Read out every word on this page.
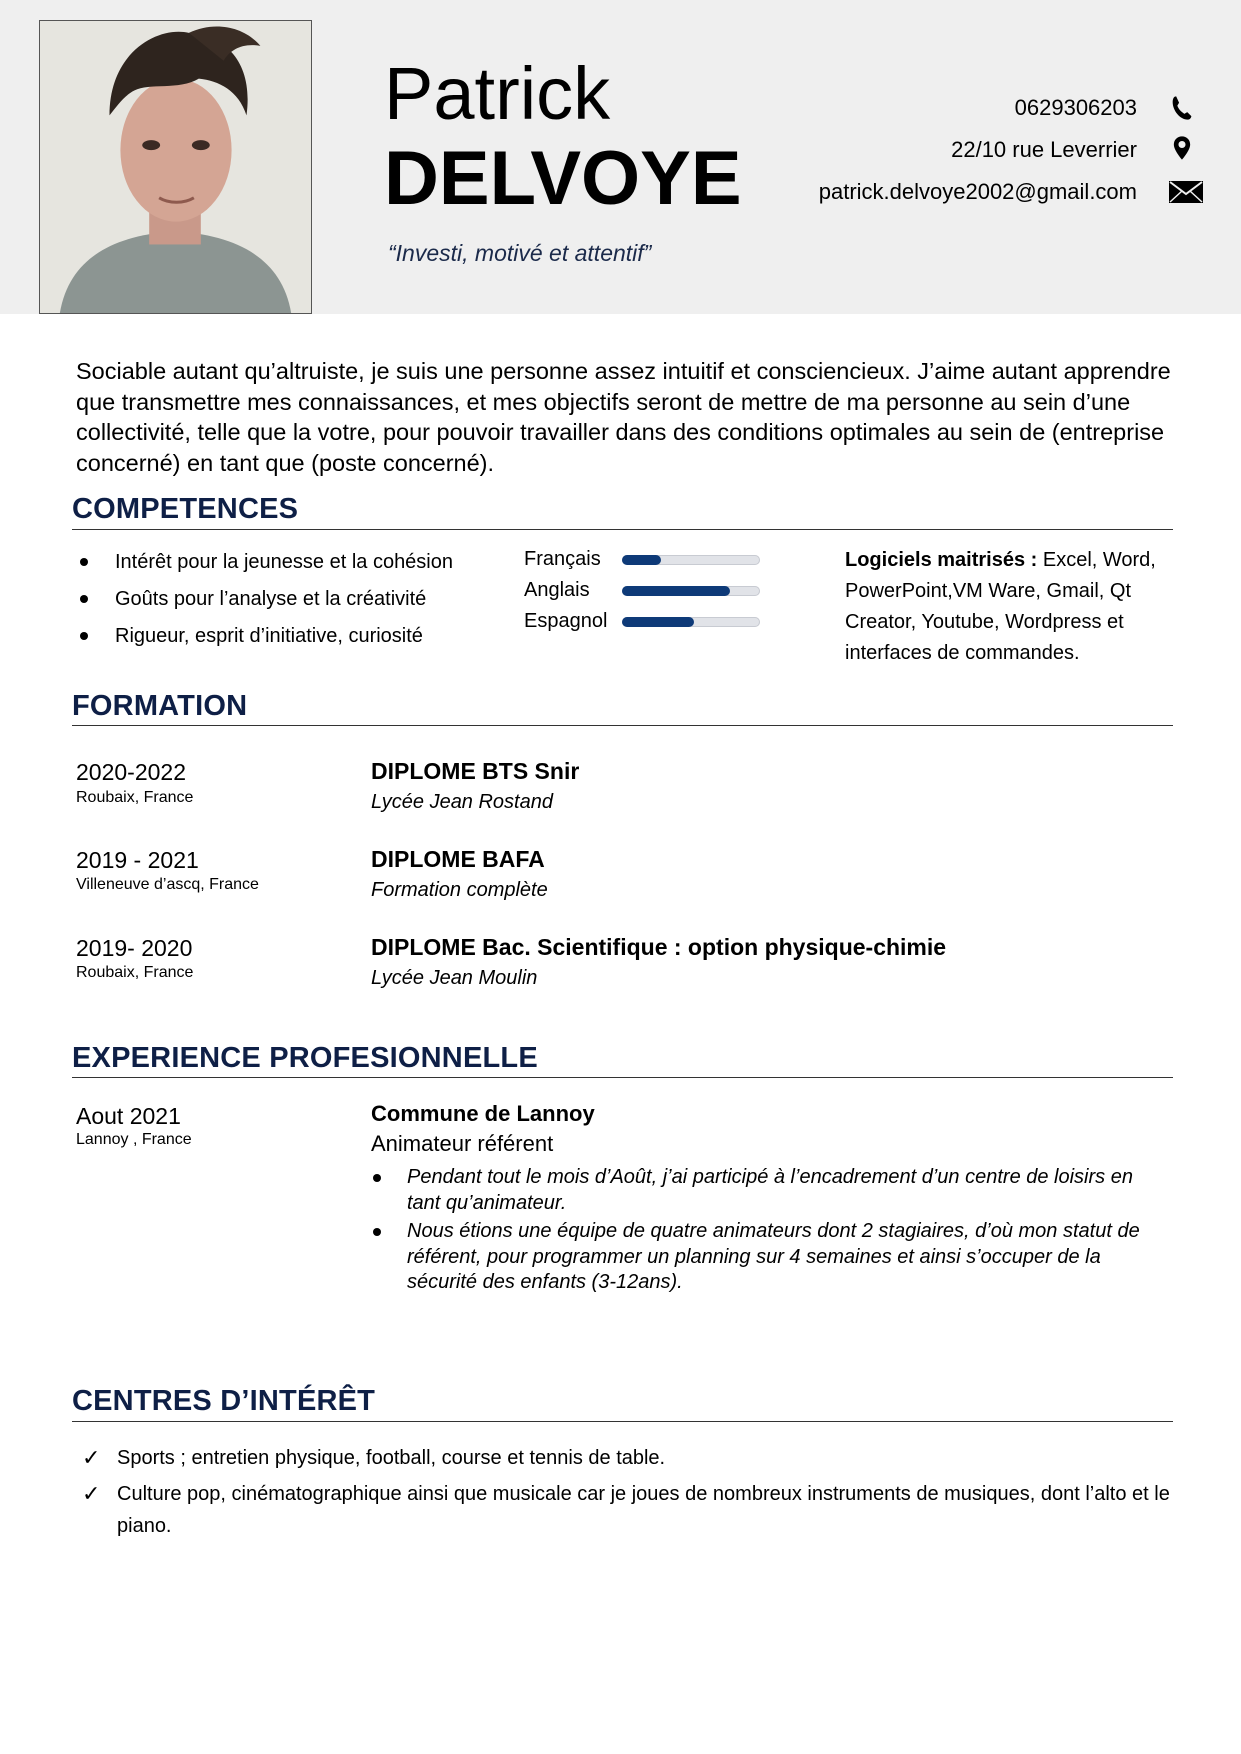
Patrick
DELVOYE
“Investi, motivé et attentif”
0629306203
22/10 rue Leverrier
patrick.delvoye2002@gmail.com
Sociable autant qu’altruiste, je suis une personne assez intuitif et consciencieux. J’aime autant apprendre que transmettre mes connaissances, et mes objectifs seront de mettre de ma personne au sein d’une collectivité, telle que la votre, pour pouvoir travailler dans des conditions optimales au sein de (entreprise concerné) en tant que (poste concerné).
COMPETENCES
Intérêt pour la jeunesse et la cohésion
Goûts pour l’analyse et la créativité
Rigueur, esprit d’initiative, curiosité
Français
Anglais
Espagnol
Logiciels maitrisés : Excel, Word, PowerPoint,VM Ware, Gmail, Qt Creator, Youtube, Wordpress et interfaces de commandes.
FORMATION
2020-2022
Roubaix, France
DIPLOME BTS Snir
Lycée Jean Rostand
2019 - 2021
Villeneuve d’ascq, France
DIPLOME BAFA
Formation complète
2019- 2020
Roubaix, France
DIPLOME Bac. Scientifique : option physique-chimie
Lycée Jean Moulin
EXPERIENCE PROFESIONNELLE
Aout 2021
Lannoy , France
Commune de Lannoy
Animateur référent
Pendant tout le mois d’Août, j’ai participé à l’encadrement d’un centre de loisirs en tant qu’animateur.
Nous étions une équipe de quatre animateurs dont 2 stagiaires, d’où mon statut de référent, pour programmer un planning sur 4 semaines et ainsi s’occuper de la sécurité des enfants (3-12ans).
CENTRES D’INTÉRÊT
✓ Sports ; entretien physique, football, course et tennis de table.
✓ Culture pop, cinématographique ainsi que musicale car je joues de nombreux instruments de musiques, dont l’alto et le piano.
